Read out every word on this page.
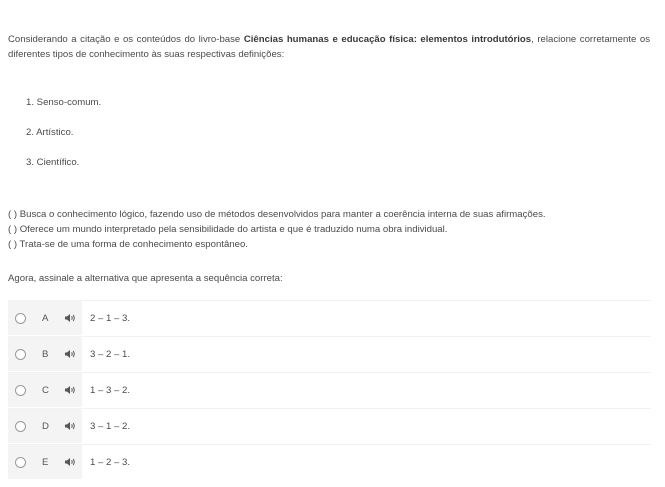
Considerando a citação e os conteúdos do livro-base Ciências humanas e educação física: elementos introdutórios, relacione corretamente os diferentes tipos de conhecimento às suas respectivas definições:
1. Senso-comum.
2. Artístico.
3. Científico.
( ) Busca o conhecimento lógico, fazendo uso de métodos desenvolvidos para manter a coerência interna de suas afirmações.
( ) Oferece um mundo interpretado pela sensibilidade do artista e que é traduzido numa obra individual.
( ) Trata-se de uma forma de conhecimento espontâneo.
Agora, assinale a alternativa que apresenta a sequência correta:
A	2 – 1 – 3.
B	3 – 2 – 1.
C	1 – 3 – 2.
D	3 – 1 – 2.
E	1 – 2 – 3.
